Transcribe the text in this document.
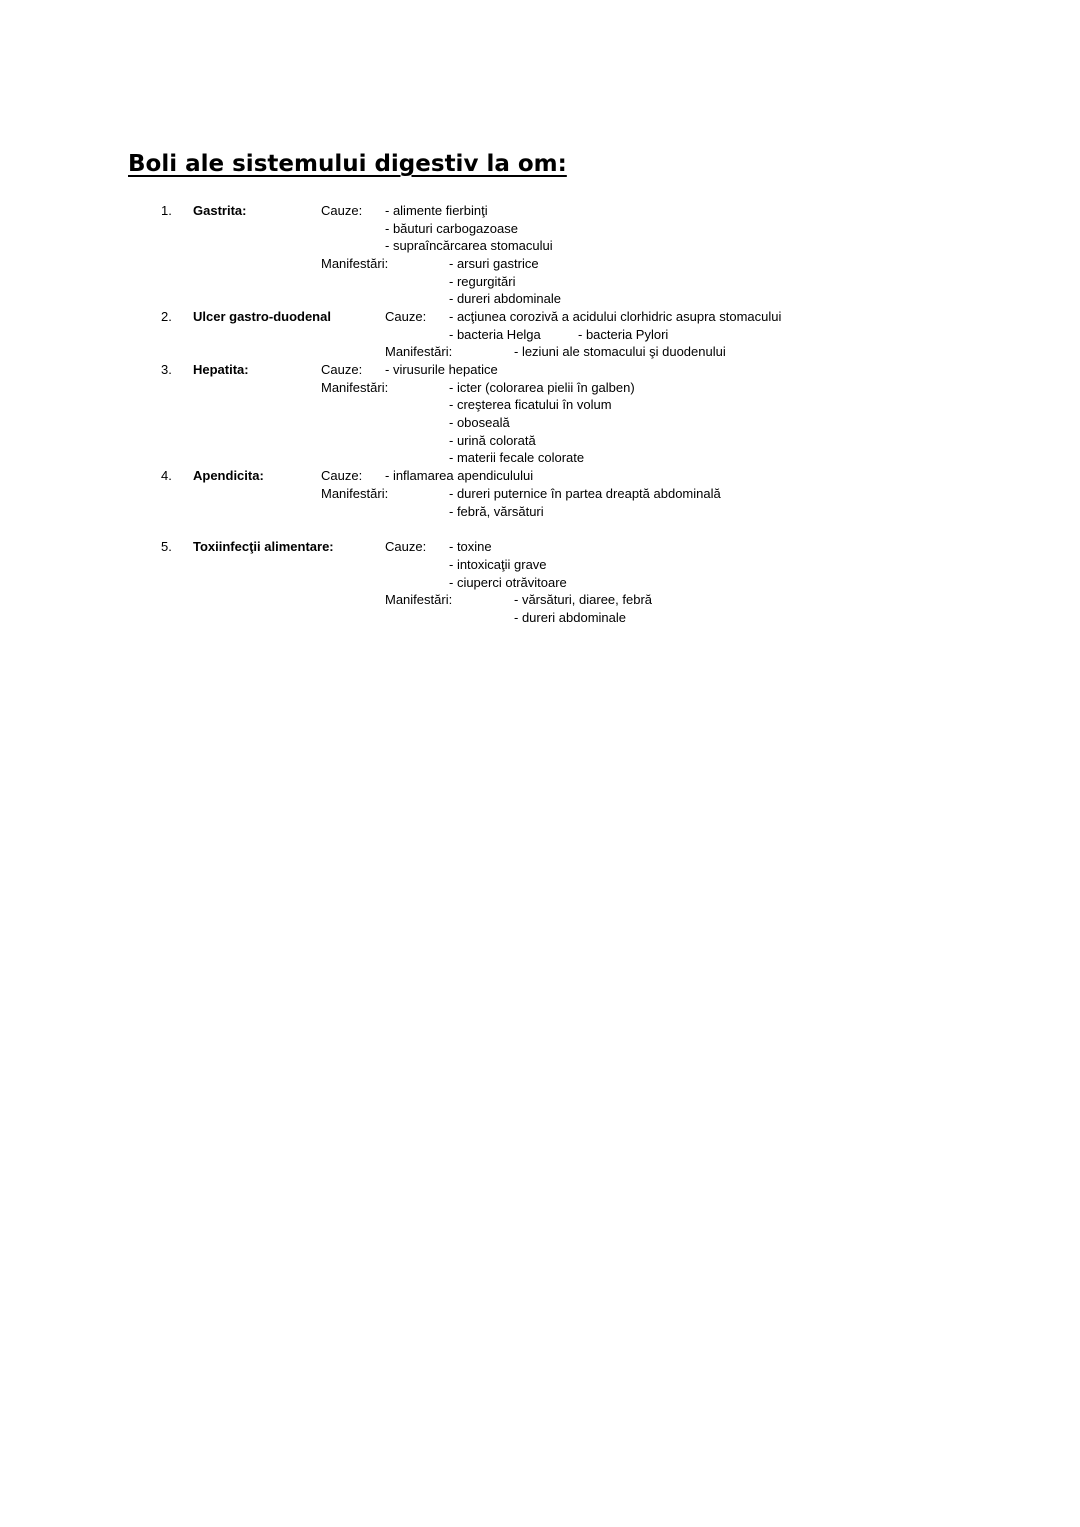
Boli ale sistemului digestiv la om:
1. Gastrita:	Cauze: - alimente fierbinţi
- băuturi carbogazoase
- supraîncărcarea stomacului
Manifestări:	- arsuri gastrice
- regurgitări
- dureri abdominale
2. Ulcer gastro-duodenal	Cauze: - acţiunea corozivă a acidului clorhidric asupra stomacului
- bacteria Helga	- bacteria Pylori
Manifestări:	- leziuni ale stomacului şi duodenului
3. Hepatita:	Cauze: - virusurile hepatice
Manifestări:	- icter (colorarea pielii în galben)
- creşterea ficatului în volum
- oboseală
- urină colorată
- materii fecale colorate
4. Apendicita:	Cauze: - inflamarea apendiculului
Manifestări:	- dureri puternice în partea dreaptă abdominală
- febră, vărsături
5. Toxiinfecţii alimentare:	Cauze: - toxine
- intoxicaţii grave
- ciuperci otrăvitoare
Manifestări:	- vărsături, diaree, febră
- dureri abdominale
